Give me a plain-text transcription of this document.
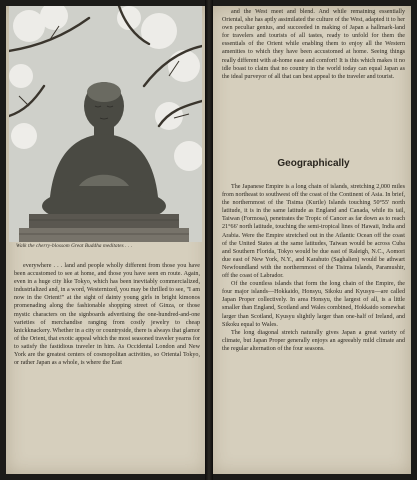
Walk the cherry-blossom Great Buddha meditates . . .

everywhere . . . land and people wholly different from those you have been accustomed to see at home, and those you have seen en route. Again, even in a huge city like Tokyo, which has been inevitably commercialized, industrialized and, in a word, Westernized, you may be thrilled to see, "I am now in the Orient!" at the sight of dainty young girls in bright kimonos promenading along the fashionable shopping street of Ginza, or those mystic characters on the signboards advertising the one-hundred-and-one varieties of merchandise ranging from costly jewelry to cheap knickknackery. Whether in a city or countryside, there is always that glamor of the Orient, that exotic appeal which the most seasoned traveler yearns for to satisfy the fastidious traveler in him. As Occidental London and New York are the greatest centers of cosmopolitan activities, so Oriental Tokyo, or rather Japan as a whole, is where the East

and the West meet and blend. And while remaining essentially Oriental, she has aptly assimilated the culture of the West, adapted it to her own peculiar genius, and succeeded in making of Japan a hallmark-land for travelers and tourists of all tastes, ready to unfold for them the essentials of the Orient while enabling them to enjoy all the Western amenities to which they have been accustomed at home. Seeing things really different with at-home ease and comfort! It is this which makes it no idle boast to claim that no country in the world today can equal Japan as the ideal purveyor of all that can best appeal to the traveler and tourist.

Geographically

The Japanese Empire is a long chain of islands, stretching 2,000 miles from northeast to southwest off the coast of the Continent of Asia. In brief, the northernmost of the Tisima (Kurile) Islands touching 50°55' north latitude, it is in the same latitude as England and Canada, while its tail, Taiwan (Formosa), penetrates the Tropic of Cancer as far down as to reach 21°66' north latitude, touching the semi-tropical lines of Hawaii, India and Arabia. Were the Empire stretched out in the Atlantic Ocean off the coast of the United States at the same latitudes, Taiwan would be across Cuba and Southern Florida, Tokyo would be due east of Raleigh, N.C., Aomori due east of New York, N.Y., and Karahuto (Saghalien) would be athwart Newfoundland with the northernmost of the Tisima Islands, Paramushir, off the coast of Labrador.

Of the countless islands that form the long chain of the Empire, the four major islands—Hokkaido, Honsyu, Sikoku and Kyusyu—are called Japan Proper collectively. In area Honsyu, the largest of all, is a little smaller than England, Scotland and Wales combined, Hokkaido somewhat larger than Scotland, Kyusyu slightly larger than one-half of Ireland, and Sikoku equal to Wales.

The long diagonal stretch naturally gives Japan a great variety of climate, but Japan Proper generally enjoys an agreeably mild climate and the regular alternation of the four seasons.
